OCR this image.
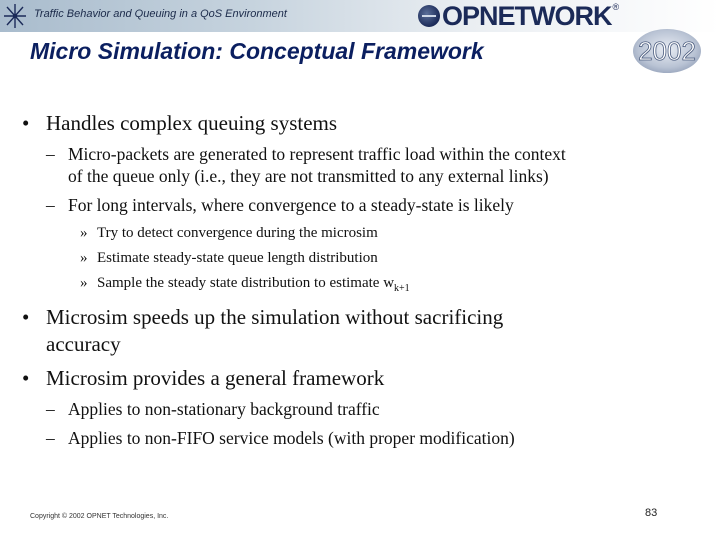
Traffic Behavior and Queuing in a QoS Environment	OPNETWORK ®
2002
Micro Simulation: Conceptual Framework
• Handles complex queuing systems
– Micro-packets are generated to represent traffic load within the context
of the queue only (i.e., they are not transmitted to any external links)
– For long intervals, where convergence to a steady-state is likely
» Try to detect convergence during the microsim
» Estimate steady-state queue length distribution
» Sample the steady state distribution to estimate $w_{k+1}$
• Microsim speeds up the simulation without sacrificing
accuracy
• Microsim provides a general framework
– Applies to non-stationary background traffic
– Applies to non-FIFO service models (with proper modification)
Copyright © 2002 OPNET Technologies, Inc.	83
